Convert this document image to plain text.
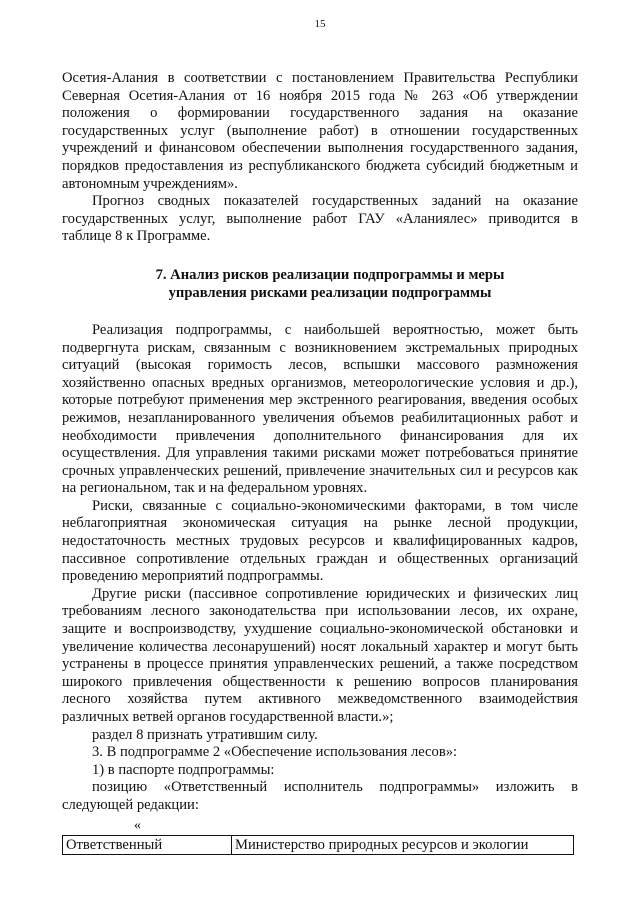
15

Осетия-Алания в соответствии с постановлением Правительства Республики Северная Осетия-Алания от 16 ноября 2015 года № 263 «Об утверждении положения о формировании государственного задания на оказание государственных услуг (выполнение работ) в отношении государственных учреждений и финансовом обеспечении выполнения государственного задания, порядков предоставления из республиканского бюджета субсидий бюджетным и автономным учреждениям».

Прогноз сводных показателей государственных заданий на оказание государственных услуг, выполнение работ ГАУ «Аланиялес» приводится в таблице 8 к Программе.

7. Анализ рисков реализации подпрограммы и меры
управления рисками реализации подпрограммы

Реализация подпрограммы, с наибольшей вероятностью, может быть подвергнута рискам, связанным с возникновением экстремальных природных ситуаций (высокая горимость лесов, вспышки массового размножения хозяйственно опасных вредных организмов, метеорологические условия и др.), которые потребуют применения мер экстренного реагирования, введения особых режимов, незапланированного увеличения объемов реабилитационных работ и необходимости привлечения дополнительного финансирования для их осуществления. Для управления такими рисками может потребоваться принятие срочных управленческих решений, привлечение значительных сил и ресурсов как на региональном, так и на федеральном уровнях.

Риски, связанные с социально-экономическими факторами, в том числе неблагоприятная экономическая ситуация на рынке лесной продукции, недостаточность местных трудовых ресурсов и квалифицированных кадров, пассивное сопротивление отдельных граждан и общественных организаций проведению мероприятий подпрограммы.

Другие риски (пассивное сопротивление юридических и физических лиц требованиям лесного законодательства при использовании лесов, их охране, защите и воспроизводству, ухудшение социально-экономической обстановки и увеличение количества лесонарушений) носят локальный характер и могут быть устранены в процессе принятия управленческих решений, а также посредством широкого привлечения общественности к решению вопросов планирования лесного хозяйства путем активного межведомственного взаимодействия различных ветвей органов государственной власти.»;

раздел 8 признать утратившим силу.

3. В подпрограмме 2 «Обеспечение использования лесов»:

1) в паспорте подпрограммы:

позицию «Ответственный исполнитель подпрограммы» изложить в следующей редакции:

«
Ответственный	Министерство природных ресурсов и экологии
